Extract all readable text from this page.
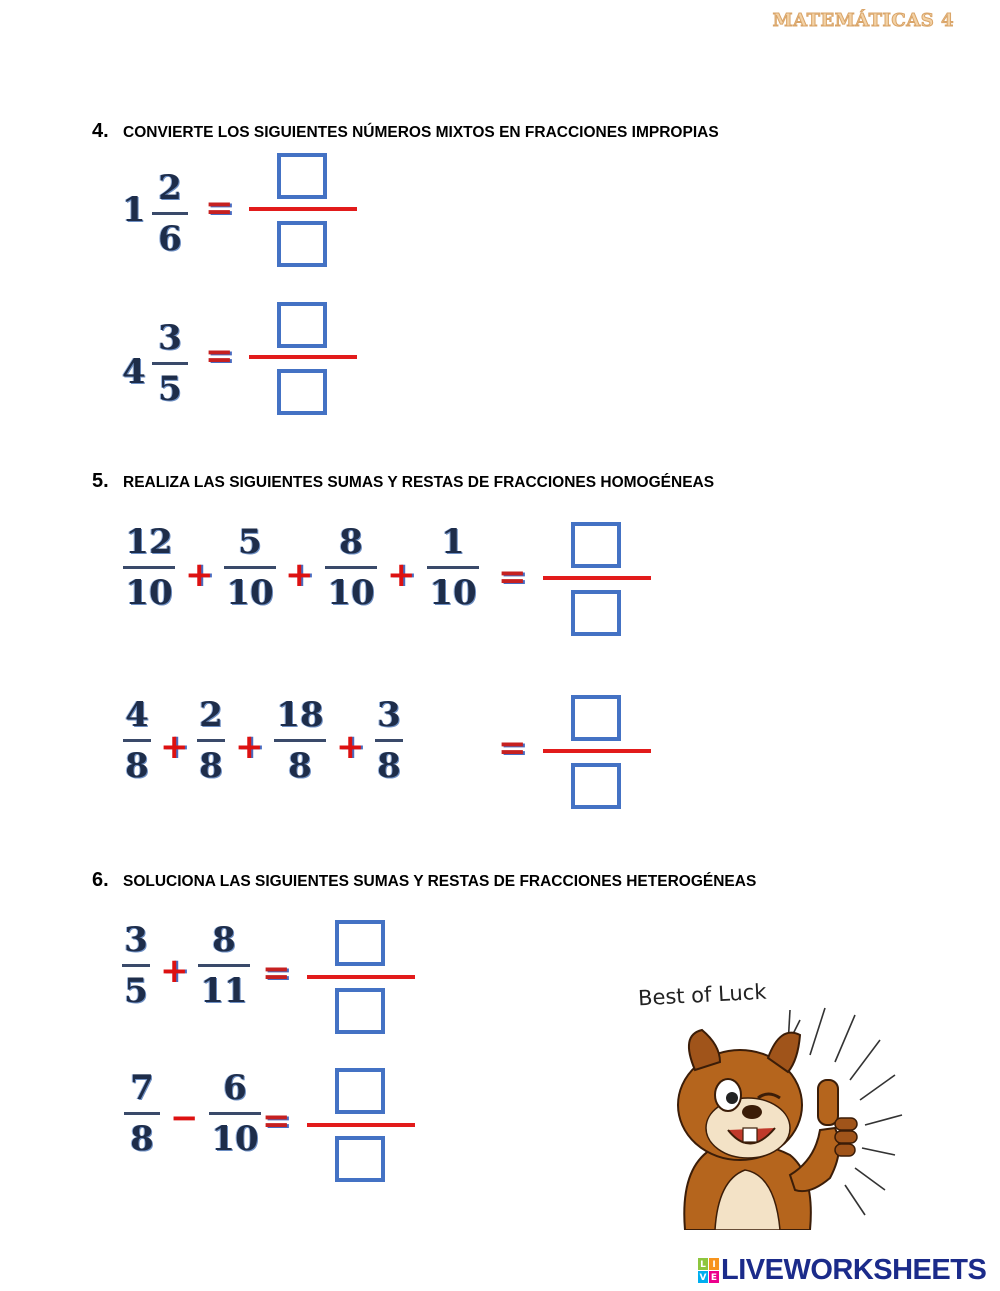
MATEMÁTICAS 4
4. CONVIERTE LOS SIGUIENTES NÚMEROS MIXTOS EN FRACCIONES IMPROPIAS
1
2
6
=
4
3
5
=
5. REALIZA LAS SIGUIENTES SUMAS Y RESTAS DE FRACCIONES HOMOGÉNEAS
12
10 +
5
10 +
8
10 +
1
10 =
4
8 +
2
8 +
18
8 +
3
8	=
6. SOLUCIONA LAS SIGUIENTES SUMAS Y RESTAS DE FRACCIONES HETEROGÉNEAS
3
5 +
8
11 =
7
8
−
6
10 =
Best of Luck
L I
V E LIVEWORKSHEETS
